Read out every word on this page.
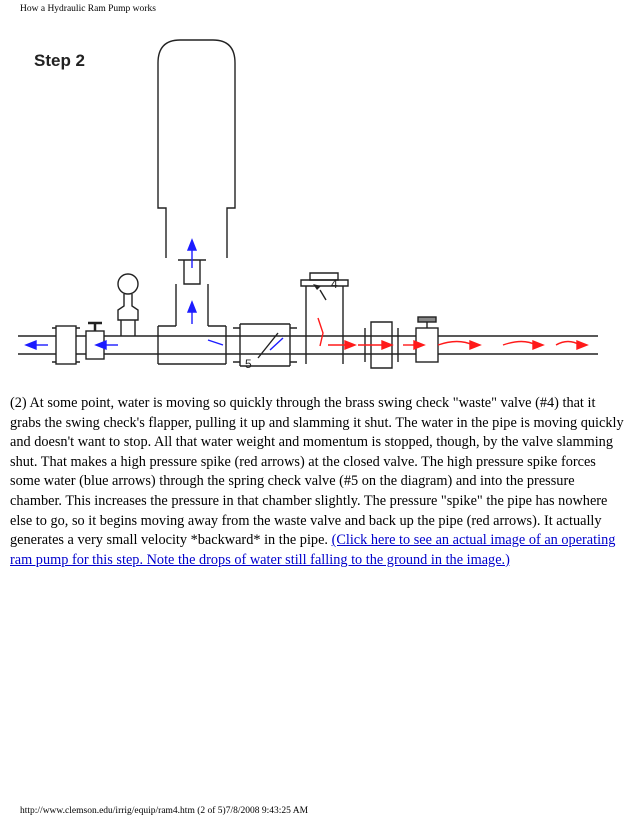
How a Hydraulic Ram Pump works
Step 2
4
5
(2) At some point, water is moving so quickly through the brass swing check "waste" valve (#4) that it grabs the swing check's flapper, pulling it up and slamming it shut. The water in the pipe is moving quickly and doesn't want to stop. All that water weight and momentum is stopped, though, by the valve slamming shut. That makes a high pressure spike (red arrows) at the closed valve. The high pressure spike forces some water (blue arrows) through the spring check valve (#5 on the diagram) and into the pressure chamber. This increases the pressure in that chamber slightly. The pressure "spike" the pipe has nowhere else to go, so it begins moving away from the waste valve and back up the pipe (red arrows). It actually generates a very small velocity *backward* in the pipe. (Click here to see an actual image of an operating ram pump for this step. Note the drops of water still falling to the ground in the image.)
http://www.clemson.edu/irrig/equip/ram4.htm (2 of 5)7/8/2008 9:43:25 AM
